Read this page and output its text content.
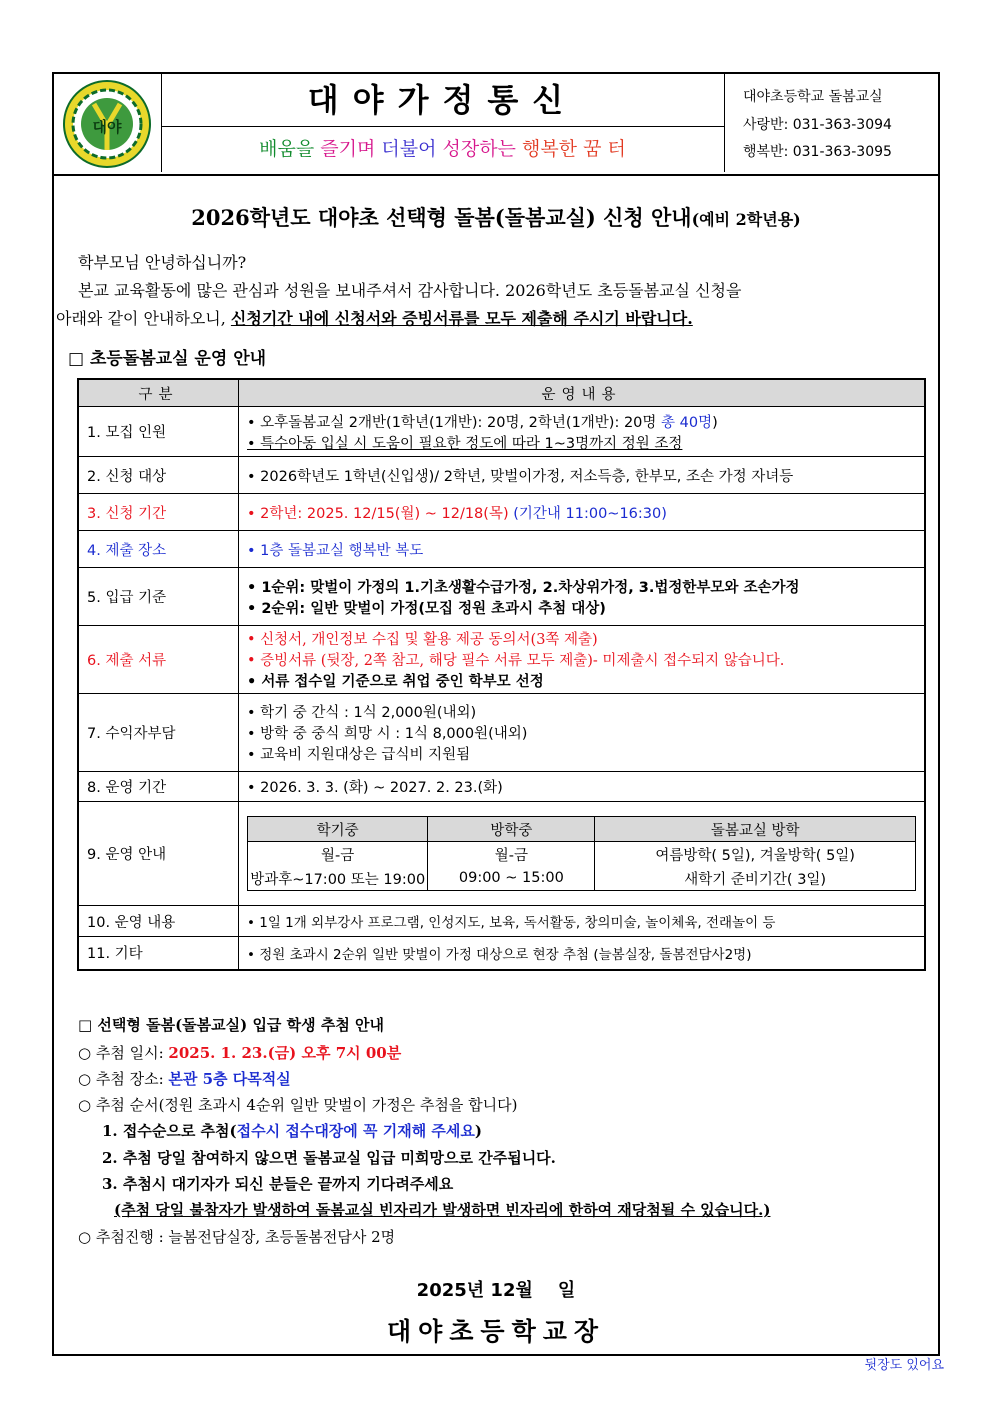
대야
대야가정통신
배움을 즐기며 더불어 성장하는 행복한 꿈 터
대야초등학교 돌봄교실
사랑반: 031-363-3094
행복반: 031-363-3095
2026학년도 대야초 선택형 돌봄(돌봄교실) 신청 안내(예비 2학년용)
학부모님 안녕하십니까?
본교 교육활동에 많은 관심과 성원을 보내주셔서 감사합니다. 2026학년도 초등돌봄교실 신청을
아래와 같이 안내하오니, 신청기간 내에 신청서와 증빙서류를 모두 제출해 주시기 바랍니다.
□ 초등돌봄교실 운영 안내
구분	운영내용
1. 모집 인원	
• 오후돌봄교실 2개반(1학년(1개반): 20명, 2학년(1개반): 20명 총 40명)
• 특수아동 입실 시 도움이 필요한 정도에 따라 1~3명까지 정원 조정

2. 신청 대상	• 2026학년도 1학년(신입생)/ 2학년, 맞벌이가정, 저소득층, 한부모, 조손 가정 자녀등
3. 신청 기간	• 2학년: 2025. 12/15(월) ~ 12/18(목) (기간내 11:00~16:30)
4. 제출 장소	• 1층 돌봄교실 행복반 복도
5. 입급 기준	
• 1순위: 맞벌이 가정의 1.기초생활수급가정, 2.차상위가정, 3.법정한부모와 조손가정
• 2순위: 일반 맞벌이 가정(모집 정원 초과시 추첨 대상)

6. 제출 서류	
• 신청서, 개인정보 수집 및 활용 제공 동의서(3쪽 제출)
• 증빙서류 (뒷장, 2쪽 참고, 해당 필수 서류 모두 제출)- 미제출시 접수되지 않습니다.
• 서류 접수일 기준으로 취업 중인 학부모 선정

7. 수익자부담	
• 학기 중 간식 : 1식 2,000원(내외)
• 방학 중 중식 희망 시 : 1식 8,000원(내외)
• 교육비 지원대상은 급식비 지원됨

8. 운영 기간	• 2026. 3. 3. (화) ~ 2027. 2. 23.(화)
9. 운영 안내	
학기중	방학중	돌봄교실 방학
월-금	월-금	여름방학( 5일), 겨울방학( 5일)
방과후~17:00 또는 19:00	09:00 ~ 15:00	새학기 준비기간( 3일)

10. 운영 내용	• 1일 1개 외부강사 프로그램, 인성지도, 보육, 독서활동, 창의미술, 놀이체육, 전래놀이 등
11. 기타	• 정원 초과시 2순위 일반 맞벌이 가정 대상으로 현장 추첨 (늘봄실장, 돌봄전담사2명)
□ 선택형 돌봄(돌봄교실) 입급 학생 추첨 안내
○ 추첨 일시: 2025. 1. 23.(금) 오후 7시 00분
○ 추첨 장소: 본관 5층 다목적실
○ 추첨 순서(정원 초과시 4순위 일반 맞벌이 가정은 추첨을 합니다)
1. 접수순으로 추첨(접수시 접수대장에 꼭 기재해 주세요)
2. 추첨 당일 참여하지 않으면 돌봄교실 입급 미희망으로 간주됩니다.
3. 추첨시 대기자가 되신 분들은 끝까지 기다려주세요
(추첨 당일 불참자가 발생하여 돌봄교실 빈자리가 발생하면 빈자리에 한하여 재당첨될 수 있습니다.)
○ 추첨진행 : 늘봄전담실장, 초등돌봄전담사 2명
2025년 12월    일
대야초등학교장
뒷장도 있어요
